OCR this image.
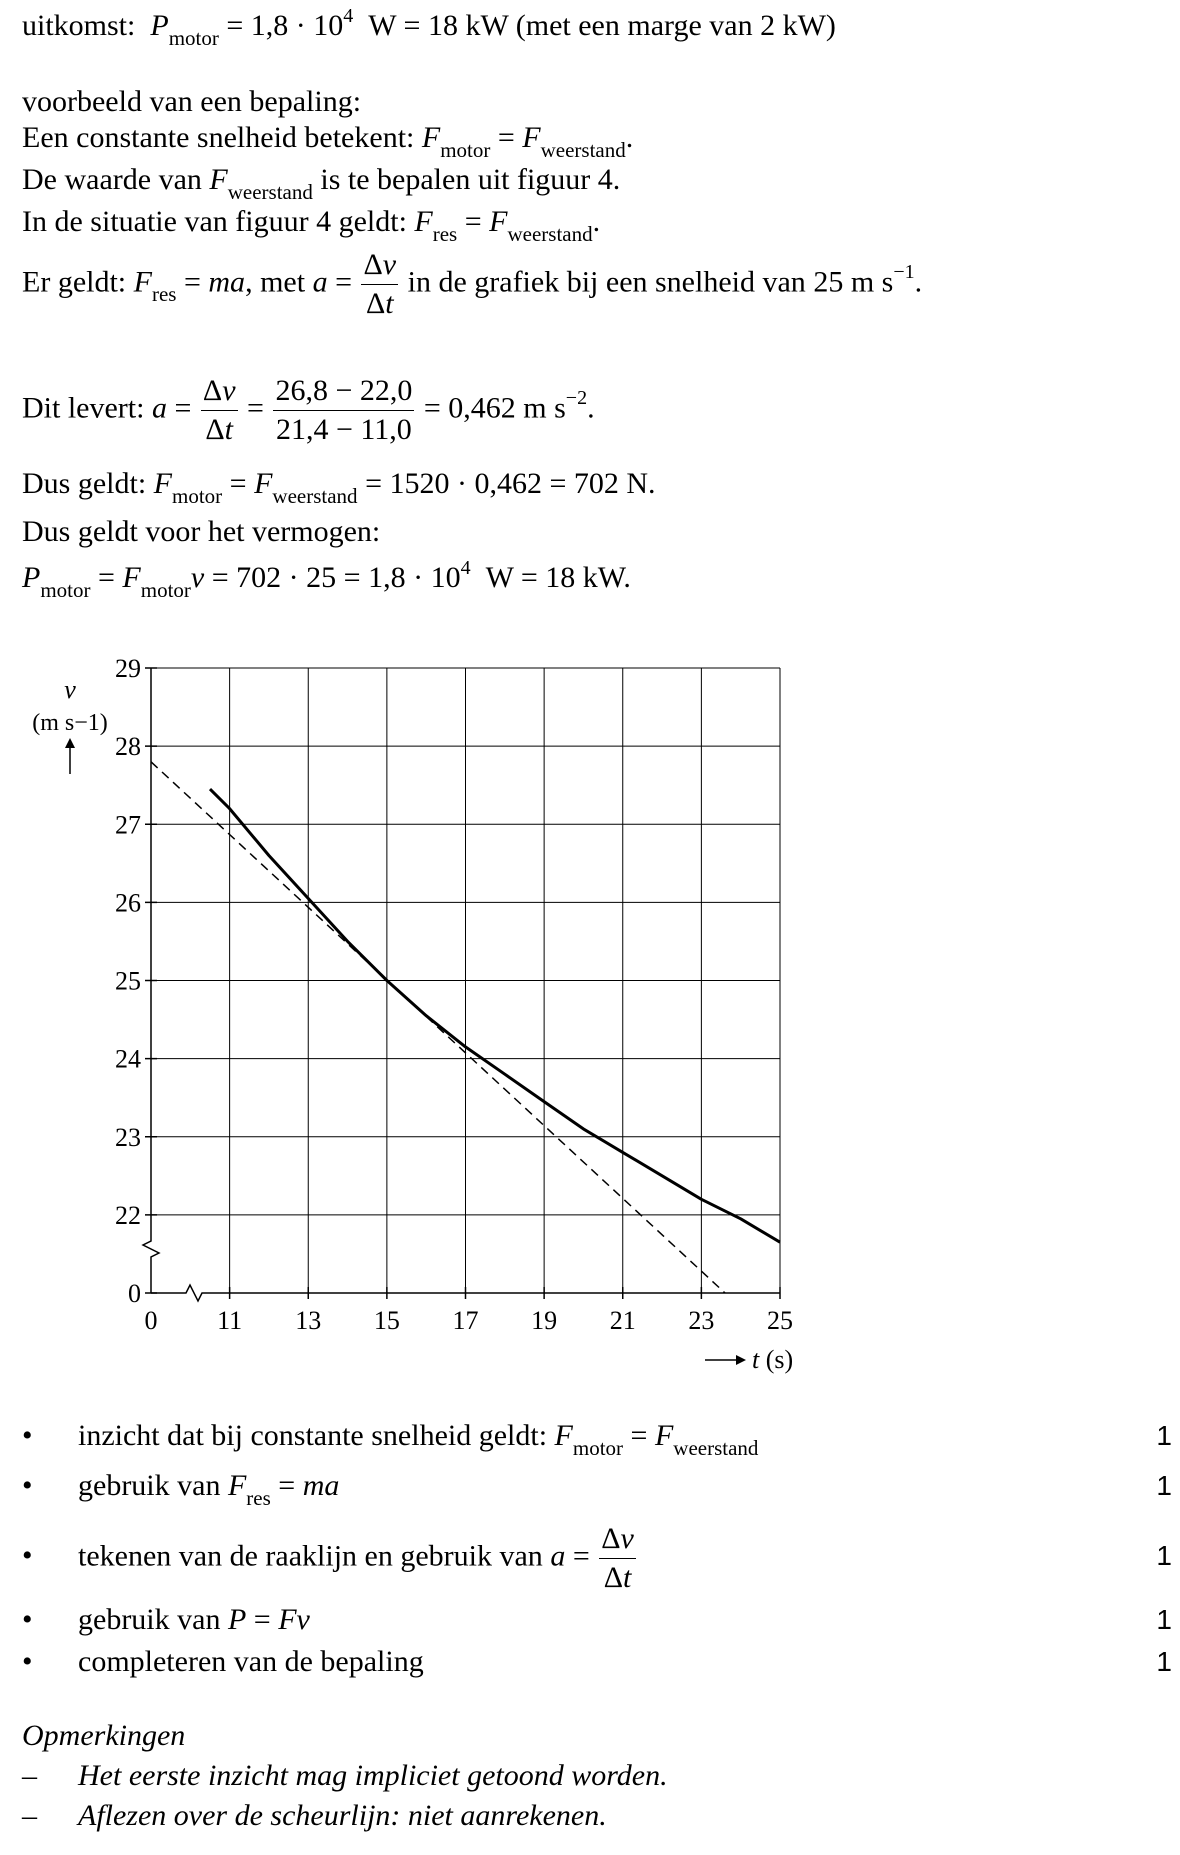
uitkomst: $P_{motor} = 1,8 \cdot 10^4$  W = 18 kW (met een marge van 2 kW)
voorbeeld van een bepaling:
Een constante snelheid betekent: $F_{motor} = F_{weerstand}$.
De waarde van $F_{weerstand}$ is te bepalen uit figuur 4.
In de situatie van figuur 4 geldt: $F_{res} = F_{weerstand}$.
Er geldt: $F_{res}$ = ma, met $a = \frac{\Delta v}{\Delta t}$ in de grafiek bij een snelheid van 25 m $s^{-1}$.
Dit levert: $a = \frac{\Delta v}{\Delta t} = \frac{26,8 - 22,0}{21,4 - 11,0} = 0,462$ m $s^{-2}$.
Dus geldt: $F_{motor} = F_{weerstand} = 1520 \cdot 0,462 = 702$ N.
Dus geldt voor het vermogen:
$P_{motor} = F_{motor}v = 702 \cdot 25 = 1,8 \cdot 10^4$  W = 18 kW.
0
22
23
24
25
26
27
28
29
0 11 13 15 17 19 21 23 25
v
(m s−1)
t (s)
• inzicht dat bij constante snelheid geldt: $F_{motor} = F_{weerstand}$	1
• gebruik van $F_{res}$ = ma	1
• tekenen van de raaklijn en gebruik van $a = \frac{\Delta v}{\Delta t}$	1
• gebruik van P = Fv	1
• completeren van de bepaling	1
Opmerkingen
– Het eerste inzicht mag impliciet getoond worden.
– Aflezen over de scheurlijn: niet aanrekenen.
